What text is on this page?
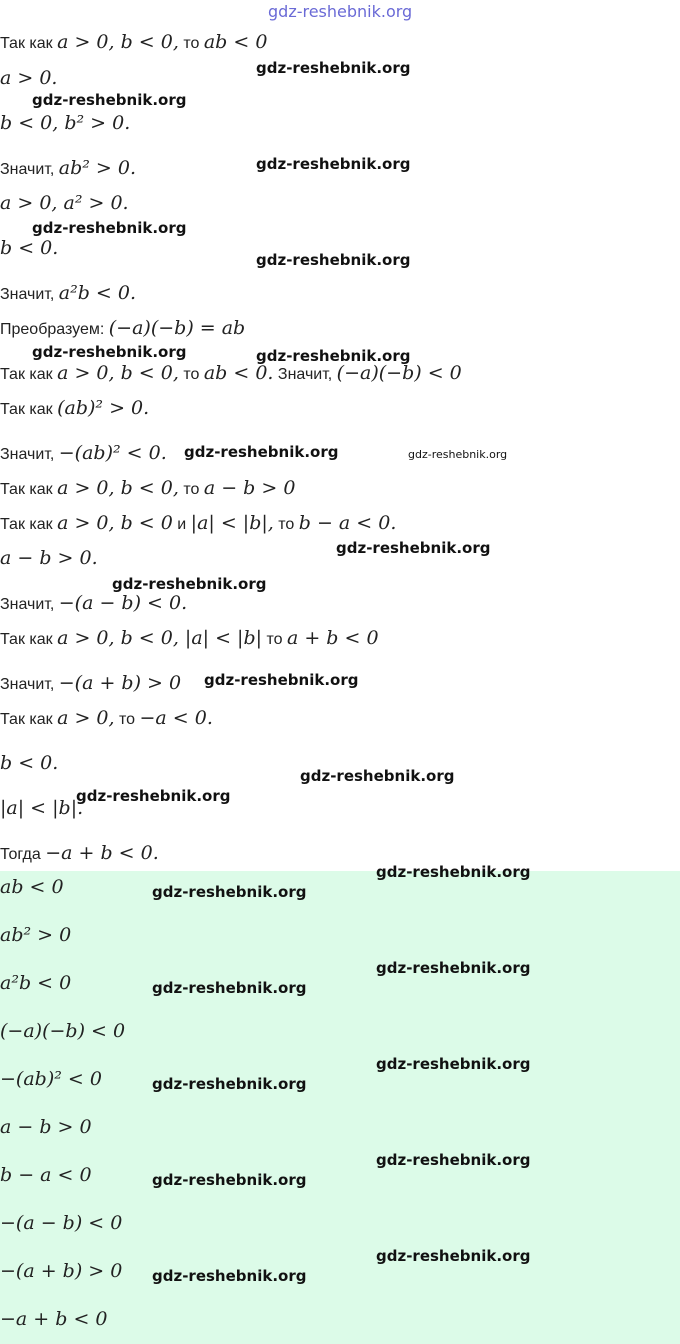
gdz-reshebnik.org
Так как a > 0, b < 0, то ab < 0
a > 0.
b < 0, b² > 0.
Значит, ab² > 0.
a > 0, a² > 0.
b < 0.
Значит, a²b < 0.
Преобразуем: (−a)(−b) = ab
Так как a > 0, b < 0, то ab < 0. Значит, (−a)(−b) < 0
Так как (ab)² > 0.
Значит, −(ab)² < 0.
Так как a > 0, b < 0, то a − b > 0
Так как a > 0, b < 0 и |a| < |b|, то b − a < 0.
a − b > 0.
Значит, −(a − b) < 0.
Так как a > 0, b < 0, |a| < |b| то a + b < 0
Значит, −(a + b) > 0
Так как a > 0, то −a < 0.
b < 0.
|a| < |b|.
Тогда −a + b < 0.
ab < 0
ab² > 0
a²b < 0
(−a)(−b) < 0
−(ab)² < 0
a − b > 0
b − a < 0
−(a − b) < 0
−(a + b) > 0
−a + b < 0
gdz-reshebnik.org
gdz-reshebnik.org
gdz-reshebnik.org
gdz-reshebnik.org
gdz-reshebnik.org
gdz-reshebnik.org	gdz-reshebnik.org
gdz-reshebnik.org	gdz-reshebnik.org
gdz-reshebnik.org
gdz-reshebnik.org
gdz-reshebnik.org
gdz-reshebnik.org
gdz-reshebnik.org
gdz-reshebnik.org
gdz-reshebnik.org
gdz-reshebnik.org
gdz-reshebnik.org
gdz-reshebnik.org
gdz-reshebnik.org
gdz-reshebnik.org
gdz-reshebnik.org
gdz-reshebnik.org
gdz-reshebnik.org
